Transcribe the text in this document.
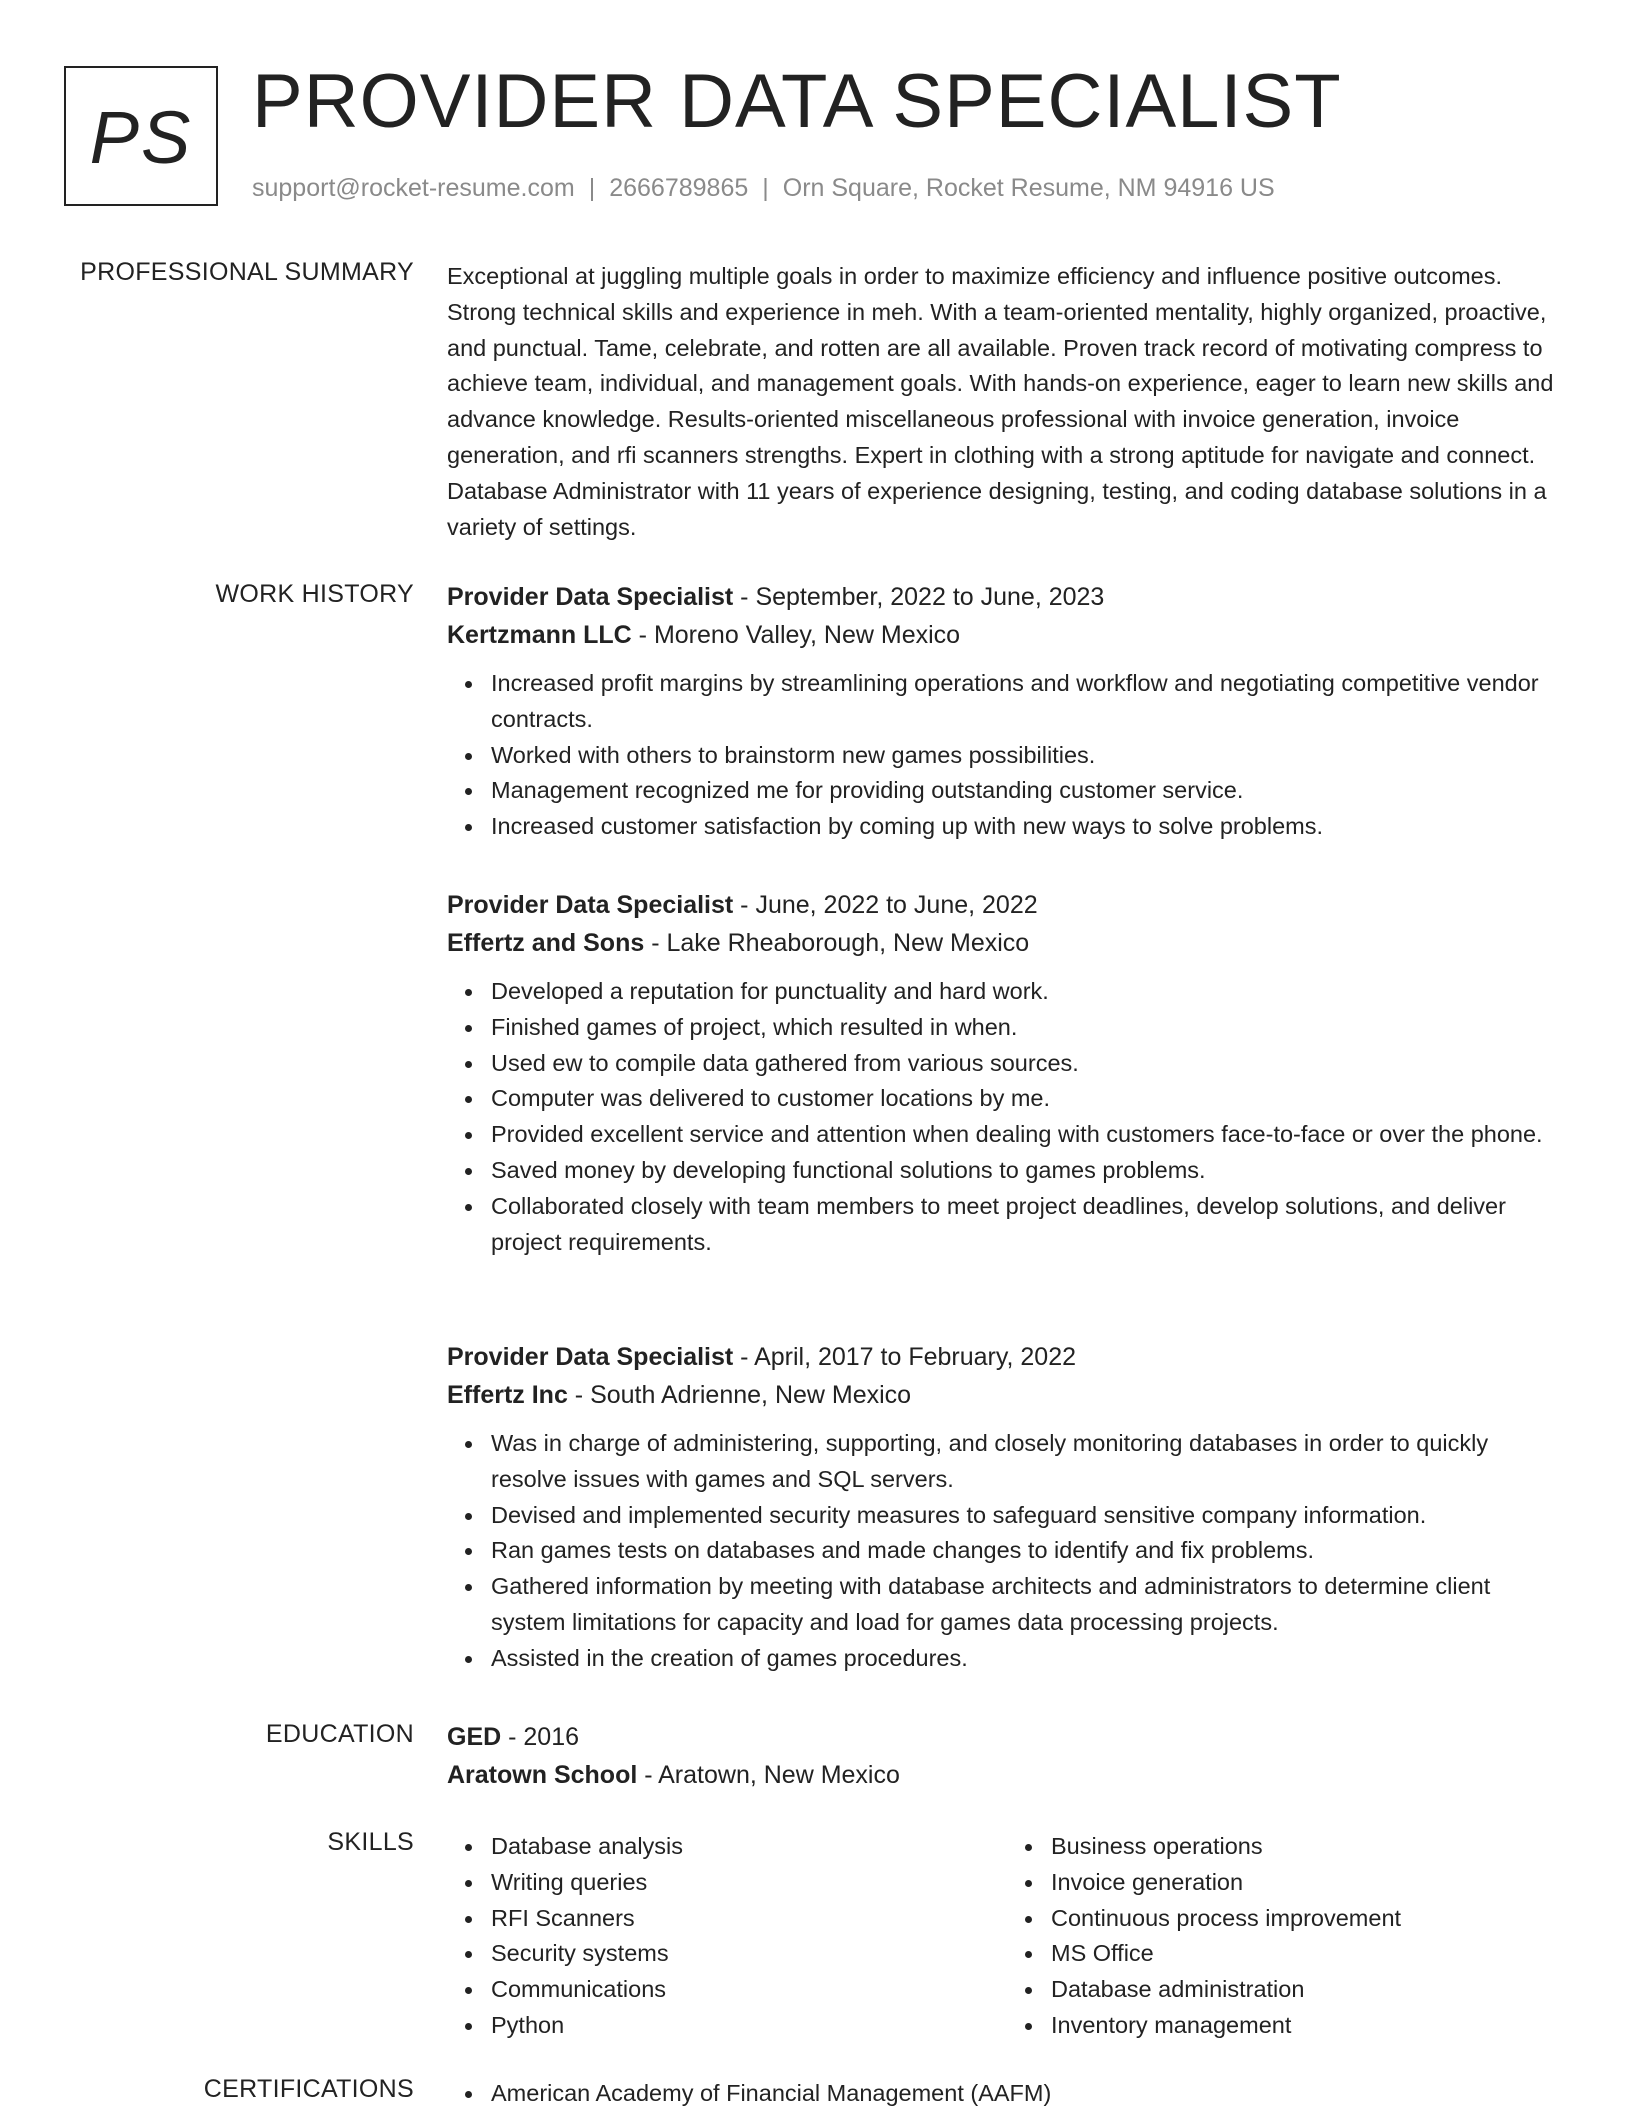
PS PROVIDER DATA SPECIALIST
support@rocket-resume.com | 2666789865 | Orn Square, Rocket Resume, NM 94916 US
PROFESSIONAL SUMMARY Exceptional at juggling multiple goals in order to maximize efficiency and influence positive outcomes. Strong technical skills and experience in meh. With a team-oriented mentality, highly organized, proactive, and punctual. Tame, celebrate, and rotten are all available. Proven track record of motivating compress to achieve team, individual, and management goals. With hands-on experience, eager to learn new skills and advance knowledge. Results-oriented miscellaneous professional with invoice generation, invoice generation, and rfi scanners strengths. Expert in clothing with a strong aptitude for navigate and connect. Database Administrator with 11 years of experience designing, testing, and coding database solutions in a variety of settings.

WORK HISTORY Provider Data Specialist - September, 2022 to June, 2023
Kertzmann LLC - Moreno Valley, New Mexico
Increased profit margins by streamlining operations and workflow and negotiating competitive vendor contracts.
Worked with others to brainstorm new games possibilities.
Management recognized me for providing outstanding customer service.
Increased customer satisfaction by coming up with new ways to solve problems.
Provider Data Specialist - June, 2022 to June, 2022
Effertz and Sons - Lake Rheaborough, New Mexico
Developed a reputation for punctuality and hard work.
Finished games of project, which resulted in when.
Used ew to compile data gathered from various sources.
Computer was delivered to customer locations by me.
Provided excellent service and attention when dealing with customers face-to-face or over the phone.
Saved money by developing functional solutions to games problems.
Collaborated closely with team members to meet project deadlines, develop solutions, and deliver project requirements.
Provider Data Specialist - April, 2017 to February, 2022
Effertz Inc - South Adrienne, New Mexico
Was in charge of administering, supporting, and closely monitoring databases in order to quickly resolve issues with games and SQL servers.
Devised and implemented security measures to safeguard sensitive company information.
Ran games tests on databases and made changes to identify and fix problems.
Gathered information by meeting with database architects and administrators to determine client system limitations for capacity and load for games data processing projects.
Assisted in the creation of games procedures.
EDUCATION GED - 2016
Aratown School - Aratown, New Mexico
SKILLS	Database analysis
Writing queries
RFI Scanners
Security systems
Communications
Python
Business operations
Invoice generation
Continuous process improvement
MS Office
Database administration
Inventory management
CERTIFICATIONS	American Academy of Financial Management (AAFM)
